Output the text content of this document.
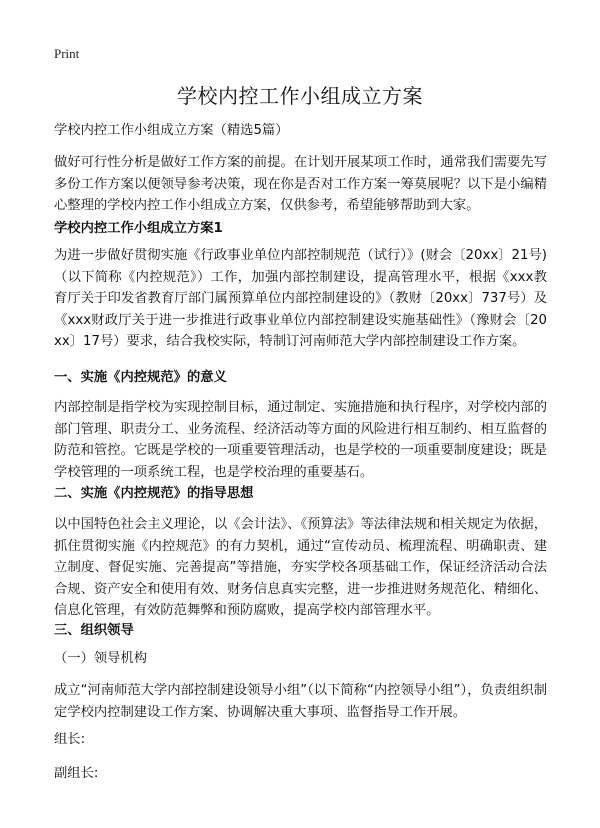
Print
学校内控工作小组成立方案

学校内控工作小组成立方案（精选5篇）

做好可行性分析是做好工作方案的前提。在计划开展某项工作时，通常我们需要先写多份工作方案以便领导参考决策，现在你是否对工作方案一筹莫展呢？以下是小编精心整理的学校内控工作小组成立方案，仅供参考，希望能够帮助到大家。

学校内控工作小组成立方案1

为进一步做好贯彻实施《行政事业单位内部控制规范（试行）》(财会〔20xx〕21号)（以下简称《内控规范》）工作，加强内部控制建设，提高管理水平，根据《xxx教育厅关于印发省教育厅部门属预算单位内部控制建设的》（教财〔20xx〕737号）及《xxx财政厅关于进一步推进行政事业单位内部控制建设实施基础性》（豫财会〔20xx〕17号）要求，结合我校实际，特制订河南师范大学内部控制建设工作方案。

一、实施《内控规范》的意义

内部控制是指学校为实现控制目标，通过制定、实施措施和执行程序，对学校内部的部门管理、职责分工、业务流程、经济活动等方面的风险进行相互制约、相互监督的防范和管控。它既是学校的一项重要管理活动，也是学校的一项重要制度建设；既是学校管理的一项系统工程，也是学校治理的重要基石。

二、实施《内控规范》的指导思想

以中国特色社会主义理论，以《会计法》、《预算法》等法律法规和相关规定为依据，抓住贯彻实施《内控规范》的有力契机，通过“宣传动员、梳理流程、明确职责、建立制度、督促实施、完善提高”等措施，夯实学校各项基础工作，保证经济活动合法合规、资产安全和使用有效、财务信息真实完整，进一步推进财务规范化、精细化、信息化管理，有效防范舞弊和预防腐败，提高学校内部管理水平。

三、组织领导

（一）领导机构

成立“河南师范大学内部控制建设领导小组”（以下简称“内控领导小组”），负责组织制定学校内控制建设工作方案、协调解决重大事项、监督指导工作开展。

组长:

副组长:
